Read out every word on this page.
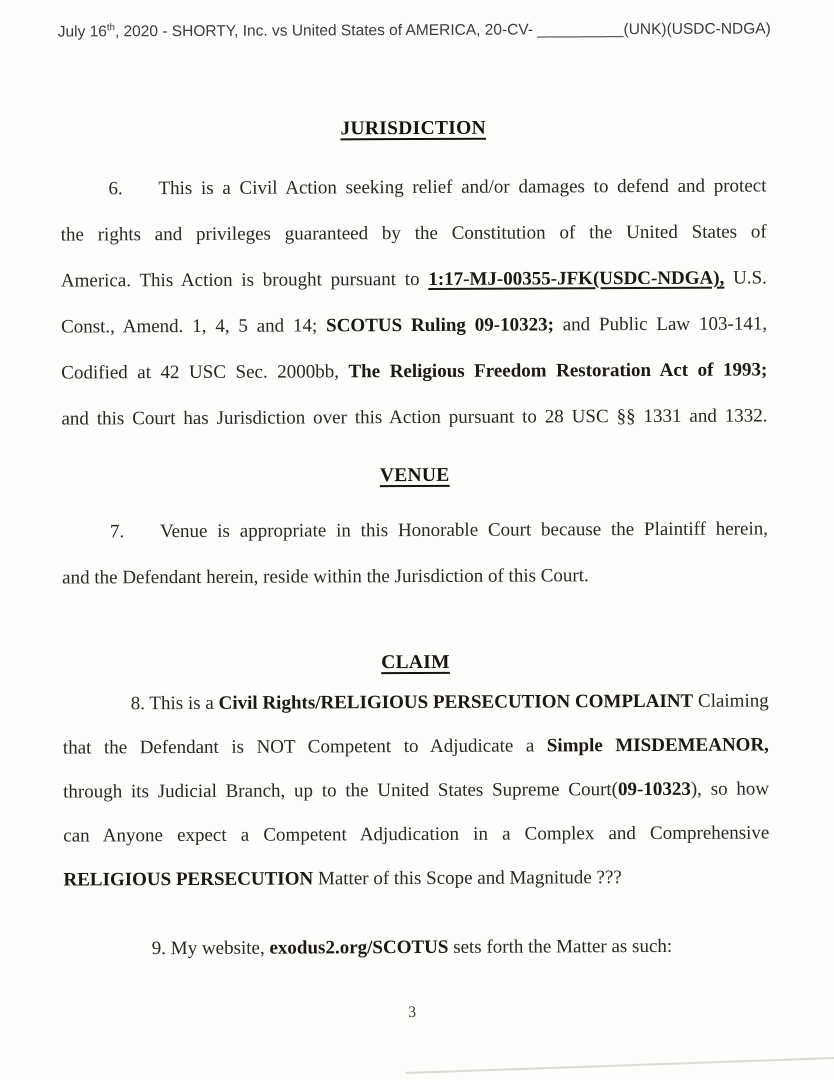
July 16th, 2020 - SHORTY, Inc. vs United States of AMERICA, 20-CV- __________(UNK)(USDC-NDGA)
JURISDICTION
6. This is a Civil Action seeking relief and/or damages to defend and protect
the rights and privileges guaranteed by the Constitution of the United States of
America. This Action is brought pursuant to 1:17-MJ-00355-JFK(USDC-NDGA), U.S.
Const., Amend. 1, 4, 5 and 14; SCOTUS Ruling 09-10323; and Public Law 103-141,
Codified at 42 USC Sec. 2000bb, The Religious Freedom Restoration Act of 1993;
and this Court has Jurisdiction over this Action pursuant to 28 USC §§ 1331 and 1332.
VENUE
7. Venue is appropriate in this Honorable Court because the Plaintiff herein,
and the Defendant herein, reside within the Jurisdiction of this Court.
CLAIM
8. This is a Civil Rights/RELIGIOUS PERSECUTION COMPLAINT Claiming
that the Defendant is NOT Competent to Adjudicate a Simple MISDEMEANOR,
through its Judicial Branch, up to the United States Supreme Court(09-10323), so how
can Anyone expect a Competent Adjudication in a Complex and Comprehensive
RELIGIOUS PERSECUTION Matter of this Scope and Magnitude ???
9. My website, exodus2.org/SCOTUS sets forth the Matter as such:
3
